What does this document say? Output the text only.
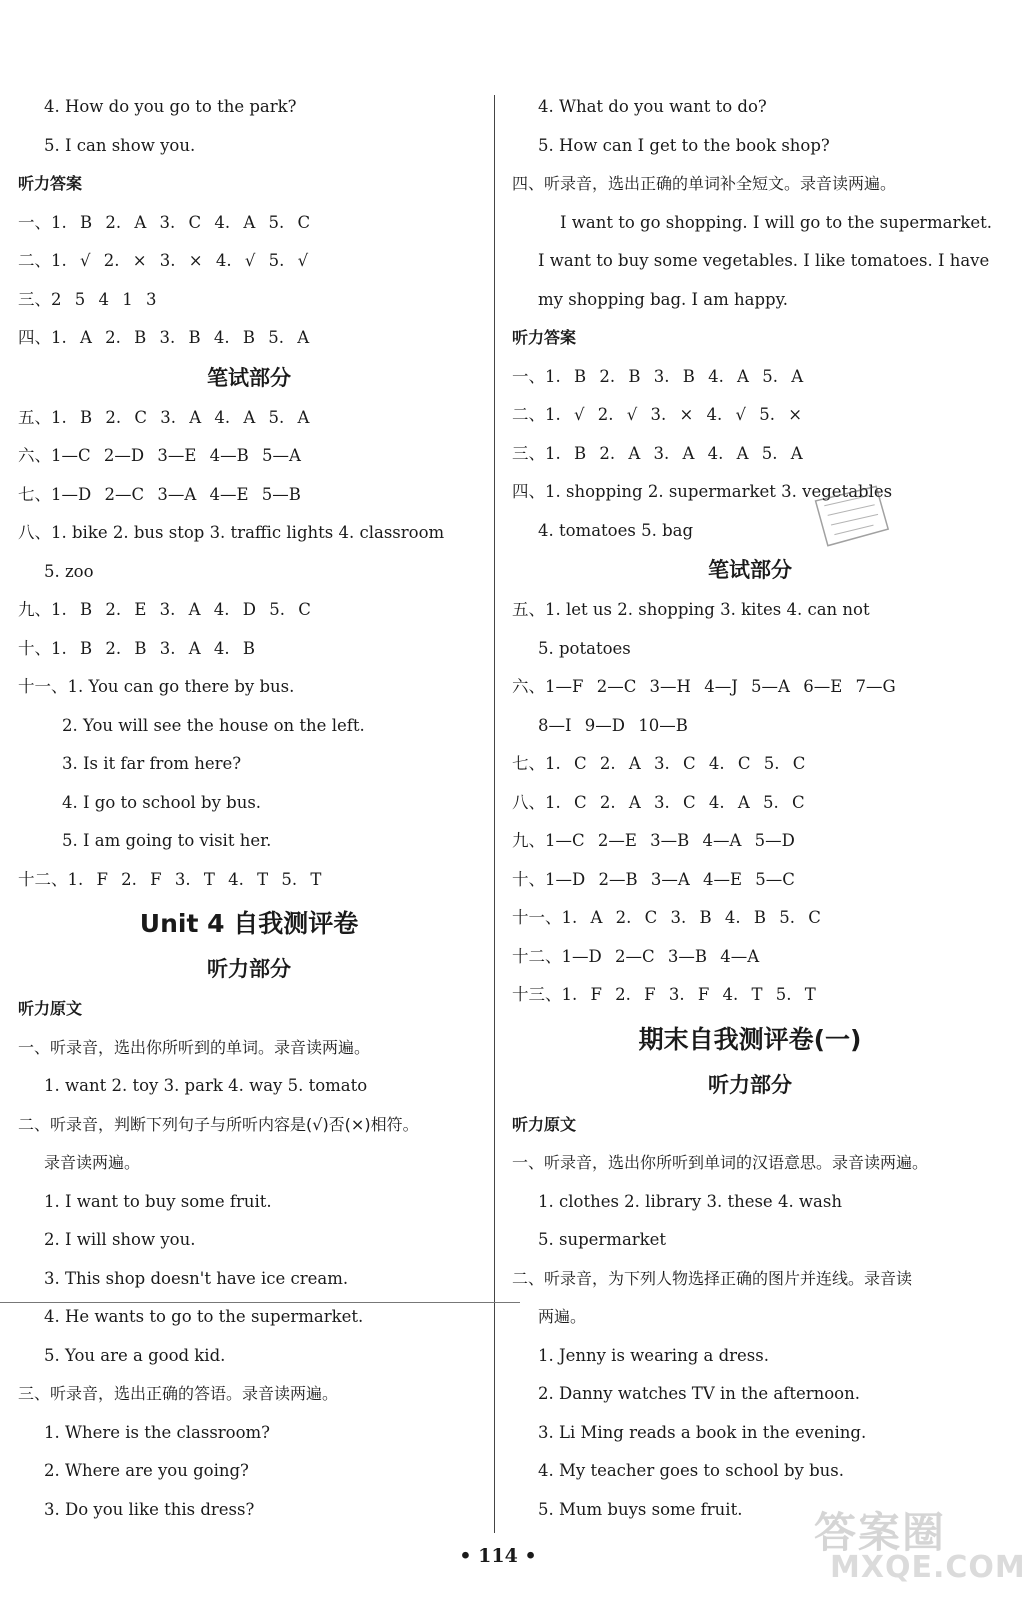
4. How do you go to the park?
5. I can show you.
听力答案
一、1. B 2. A 3. C 4. A 5. C
二、1. √ 2. × 3. × 4. √ 5. √
三、2 5 4 1 3
四、1. A 2. B 3. B 4. B 5. A
笔试部分
五、1. B 2. C 3. A 4. A 5. A
六、1—C 2—D 3—E 4—B 5—A
七、1—D 2—C 3—A 4—E 5—B
八、1. bike 2. bus stop 3. traffic lights 4. classroom
5. zoo
九、1. B 2. E 3. A 4. D 5. C
十、1. B 2. B 3. A 4. B
十一、1. You can go there by bus.
2. You will see the house on the left.
3. Is it far from here?
4. I go to school by bus.
5. I am going to visit her.
十二、1. F 2. F 3. T 4. T 5. T
Unit 4 自我测评卷
听力部分
听力原文
一、听录音，选出你所听到的单词。录音读两遍。
1. want 2. toy 3. park 4. way 5. tomato
二、听录音，判断下列句子与所听内容是(√)否(×)相符。
录音读两遍。
1. I want to buy some fruit.
2. I will show you.
3. This shop doesn't have ice cream.
4. He wants to go to the supermarket.
5. You are a good kid.
三、听录音，选出正确的答语。录音读两遍。
1. Where is the classroom?
2. Where are you going?
3. Do you like this dress?
4. What do you want to do?
5. How can I get to the book shop?
四、听录音，选出正确的单词补全短文。录音读两遍。
I want to go shopping. I will go to the supermarket.
I want to buy some vegetables. I like tomatoes. I have
my shopping bag. I am happy.
听力答案
一、1. B 2. B 3. B 4. A 5. A
二、1. √ 2. √ 3. × 4. √ 5. ×
三、1. B 2. A 3. A 4. A 5. A
四、1. shopping 2. supermarket 3. vegetables
4. tomatoes 5. bag
笔试部分
五、1. let us 2. shopping 3. kites 4. can not
5. potatoes
六、1—F 2—C 3—H 4—J 5—A 6—E 7—G
8—I 9—D 10—B
七、1. C 2. A 3. C 4. C 5. C
八、1. C 2. A 3. C 4. A 5. C
九、1—C 2—E 3—B 4—A 5—D
十、1—D 2—B 3—A 4—E 5—C
十一、1. A 2. C 3. B 4. B 5. C
十二、1—D 2—C 3—B 4—A
十三、1. F 2. F 3. F 4. T 5. T
期末自我测评卷(一)
听力部分
听力原文
一、听录音，选出你所听到单词的汉语意思。录音读两遍。
1. clothes 2. library 3. these 4. wash
5. supermarket
二、听录音，为下列人物选择正确的图片并连线。录音读
两遍。
1. Jenny is wearing a dress.
2. Danny watches TV in the afternoon.
3. Li Ming reads a book in the evening.
4. My teacher goes to school by bus.
5. Mum buys some fruit.
• 114 •	答案圈
MXQE.COM
